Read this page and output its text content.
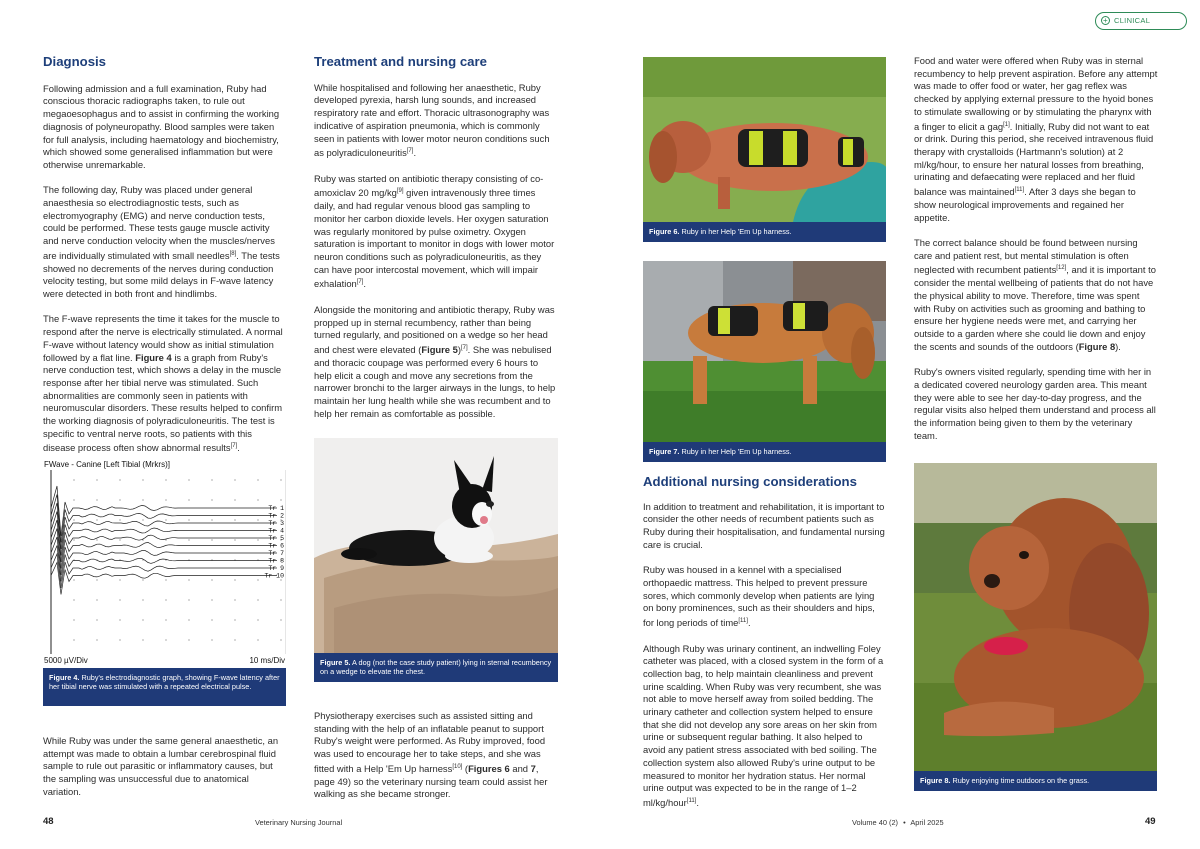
+ CLINICAL
Diagnosis

Following admission and a full examination, Ruby had conscious thoracic radiographs taken, to rule out megaoesophagus and to assist in confirming the working diagnosis of polyneuropathy. Blood samples were taken for full analysis, including haematology and biochemistry, which showed some generalised inflammation but were otherwise unremarkable.

The following day, Ruby was placed under general anaesthesia so electrodiagnostic tests, such as electromyography (EMG) and nerve conduction tests, could be performed. These tests gauge muscle activity and nerve conduction velocity when the muscles/nerves are individually stimulated with small needles[8]. The tests showed no decrements of the nerves during conduction velocity testing, but some mild delays in F-wave latency were detected in both front and hindlimbs.

The F-wave represents the time it takes for the muscle to respond after the nerve is electrically stimulated. A normal F-wave without latency would show as initial stimulation followed by a flat line. Figure 4 is a graph from Ruby's nerve conduction test, which shows a delay in the muscle response after her tibial nerve was stimulated. Such abnormalities are commonly seen in patients with neuromuscular disorders. These results helped to confirm the working diagnosis of polyradiculoneuritis. The test is specific to ventral nerve roots, so patients with this disease process often show abnormal results[7].

FWave - Canine [Left Tibial (Mrkrs)]
Tr 1
Tr 2
Tr 3
Tr 4
Tr 5
Tr 6
Tr 7
Tr 8
Tr 9
Tr 10
5000 µV/Div	10 ms/Div
Figure 4. Ruby's electrodiagnostic graph, showing F-wave latency after her tibial nerve was stimulated with a repeated electrical pulse.

While Ruby was under the same general anaesthetic, an attempt was made to obtain a lumbar cerebrospinal fluid sample to rule out parasitic or inflammatory causes, but the sampling was unsuccessful due to anatomical variation.

Treatment and nursing care

While hospitalised and following her anaesthetic, Ruby developed pyrexia, harsh lung sounds, and increased respiratory rate and effort. Thoracic ultrasonography was indicative of aspiration pneumonia, which is commonly seen in patients with lower motor neuron conditions such as polyradiculoneuritis[7].

Ruby was started on antibiotic therapy consisting of co-amoxiclav 20 mg/kg[9] given intravenously three times daily, and had regular venous blood gas sampling to monitor her carbon dioxide levels. Her oxygen saturation was regularly monitored by pulse oximetry. Oxygen saturation is important to monitor in dogs with lower motor neuron conditions such as polyradiculoneuritis, as they can have poor intercostal movement, which will impair exhalation[7].

Alongside the monitoring and antibiotic therapy, Ruby was propped up in sternal recumbency, rather than being turned regularly, and positioned on a wedge so her head and chest were elevated (Figure 5)[7]. She was nebulised and thoracic coupage was performed every 6 hours to help elicit a cough and move any secretions from the narrower bronchi to the larger airways in the lungs, to help maintain her lung health while she was recumbent and to help her remain as comfortable as possible.

Figure 5. A dog (not the case study patient) lying in sternal recumbency on a wedge to elevate the chest.

Physiotherapy exercises such as assisted sitting and standing with the help of an inflatable peanut to support Ruby's weight were performed. As Ruby improved, food was used to encourage her to take steps, and she was fitted with a Help 'Em Up harness[10] (Figures 6 and 7, page 49) so the veterinary nursing team could assist her walking as she became stronger.

Figure 6. Ruby in her Help 'Em Up harness.
Figure 7. Ruby in her Help 'Em Up harness.
Additional nursing considerations

In addition to treatment and rehabilitation, it is important to consider the other needs of recumbent patients such as Ruby during their hospitalisation, and fundamental nursing care is crucial.

Ruby was housed in a kennel with a specialised orthopaedic mattress. This helped to prevent pressure sores, which commonly develop when patients are lying on bony prominences, such as their shoulders and hips, for long periods of time[11].

Although Ruby was urinary continent, an indwelling Foley catheter was placed, with a closed system in the form of a collection bag, to help maintain cleanliness and prevent urine scalding. When Ruby was very recumbent, she was not able to move herself away from soiled bedding. The urinary catheter and collection system helped to ensure that she did not develop any sore areas on her skin from urine or subsequent regular bathing. It also helped to avoid any patient stress associated with bed soiling. The collection system also allowed Ruby's urine output to be measured to monitor her hydration status. Her normal urine output was expected to be in the range of 1–2 ml/kg/hour[11].

Food and water were offered when Ruby was in sternal recumbency to help prevent aspiration. Before any attempt was made to offer food or water, her gag reflex was checked by applying external pressure to the hyoid bones to stimulate swallowing or by stimulating the pharynx with a finger to elicit a gag[1]. Initially, Ruby did not want to eat or drink. During this period, she received intravenous fluid therapy with crystalloids (Hartmann's solution) at 2 ml/kg/hour, to ensure her natural losses from breathing, urinating and defaecating were replaced and her fluid balance was maintained[11]. After 3 days she began to show neurological improvements and regained her appetite.

The correct balance should be found between nursing care and patient rest, but mental stimulation is often neglected with recumbent patients[12], and it is important to consider the mental wellbeing of patients that do not have the physical ability to move. Therefore, time was spent with Ruby on activities such as grooming and bathing to ensure her hygiene needs were met, and carrying her outside to a garden where she could lie down and enjoy the scents and sounds of the outdoors (Figure 8).

Ruby's owners visited regularly, spending time with her in a dedicated covered neurology garden area. This meant they were able to see her day-to-day progress, and the regular visits also helped them understand and process all the information being given to them by the veterinary team.

Figure 8. Ruby enjoying time outdoors on the grass.
48	Veterinary Nursing Journal	Volume 40 (2) • April 2025	49
